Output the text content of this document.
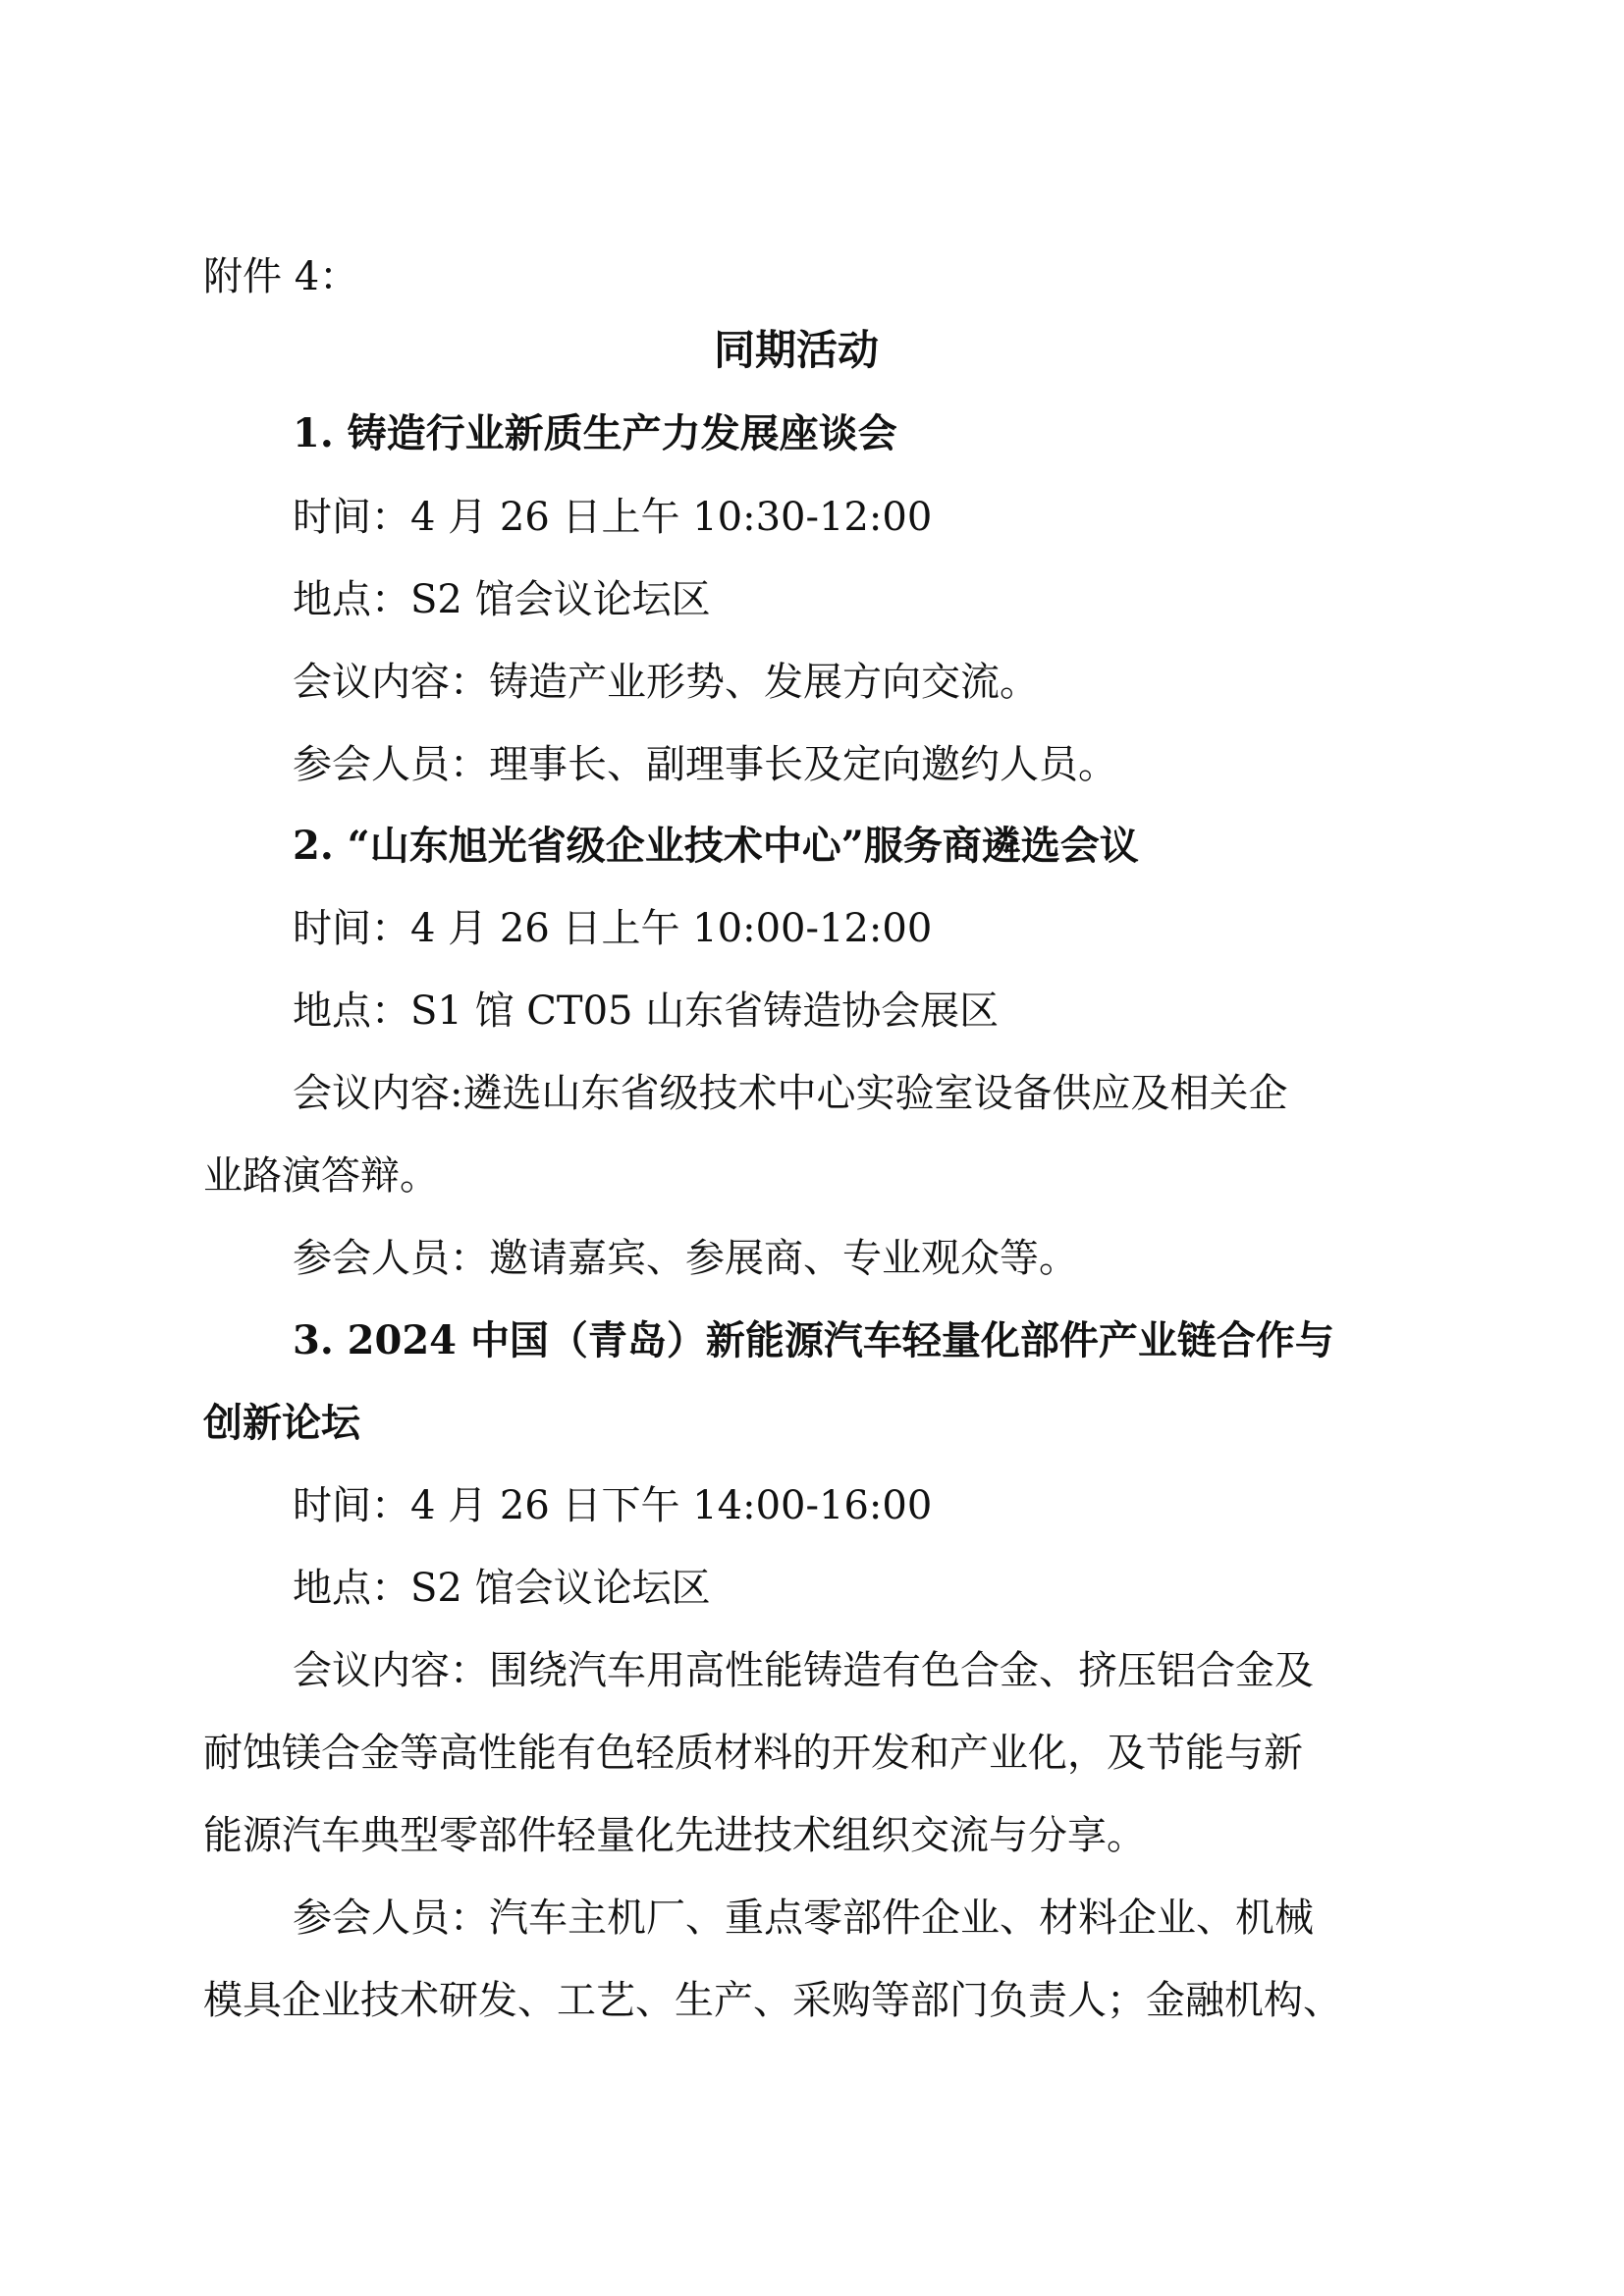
附件 4：
同期活动
1. 铸造行业新质生产力发展座谈会
时间：4 月 26 日上午 10:30-12:00
地点：S2 馆会议论坛区
会议内容：铸造产业形势、发展方向交流。
参会人员：理事长、副理事长及定向邀约人员。
2. “山东旭光省级企业技术中心”服务商遴选会议
时间：4 月 26 日上午 10:00-12:00
地点：S1 馆 CT05 山东省铸造协会展区
会议内容:遴选山东省级技术中心实验室设备供应及相关企
业路演答辩。
参会人员：邀请嘉宾、参展商、专业观众等。
3. 2024 中国（青岛）新能源汽车轻量化部件产业链合作与
创新论坛
时间：4 月 26 日下午 14:00-16:00
地点：S2 馆会议论坛区
会议内容：围绕汽车用高性能铸造有色合金、挤压铝合金及
耐蚀镁合金等高性能有色轻质材料的开发和产业化，及节能与新
能源汽车典型零部件轻量化先进技术组织交流与分享。
参会人员：汽车主机厂、重点零部件企业、材料企业、机械
模具企业技术研发、工艺、生产、采购等部门负责人；金融机构、
